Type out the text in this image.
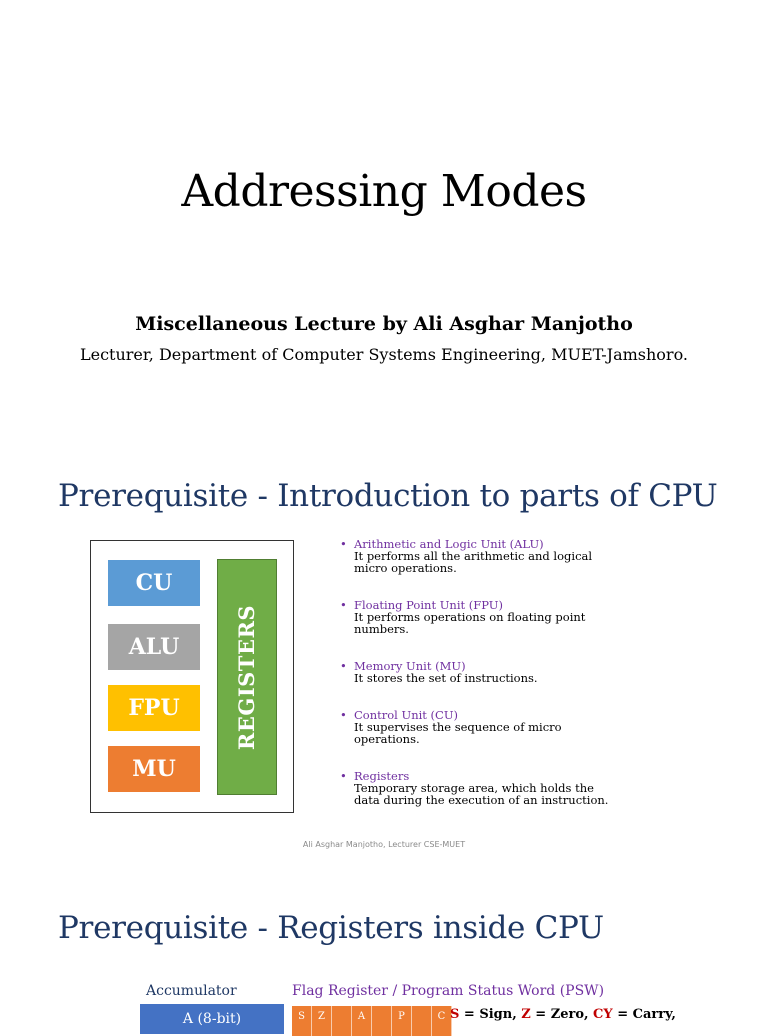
Addressing Modes
Miscellaneous Lecture by Ali Asghar Manjotho
Lecturer, Department of Computer Systems Engineering, MUET-Jamshoro.
Prerequisite - Introduction to parts of CPU
CU
ALU
FPU
MU
REGISTERS
• Arithmetic and Logic Unit (ALU)
It performs all the arithmetic and logical micro operations.
• Floating Point Unit (FPU)
It performs operations on floating point numbers.
• Memory Unit (MU)
It stores the set of instructions.
• Control Unit (CU)
It supervises the sequence of micro operations.
• Registers
Temporary storage area, which holds the data during the execution of an instruction.
Ali Asghar Manjotho, Lecturer CSE-MUET
Prerequisite - Registers inside CPU
Accumulator
A (8-bit)
Flag Register / Program Status Word (PSW)
S	Z	A	P	C S = Sign, Z = Zero, CY = Carry,
